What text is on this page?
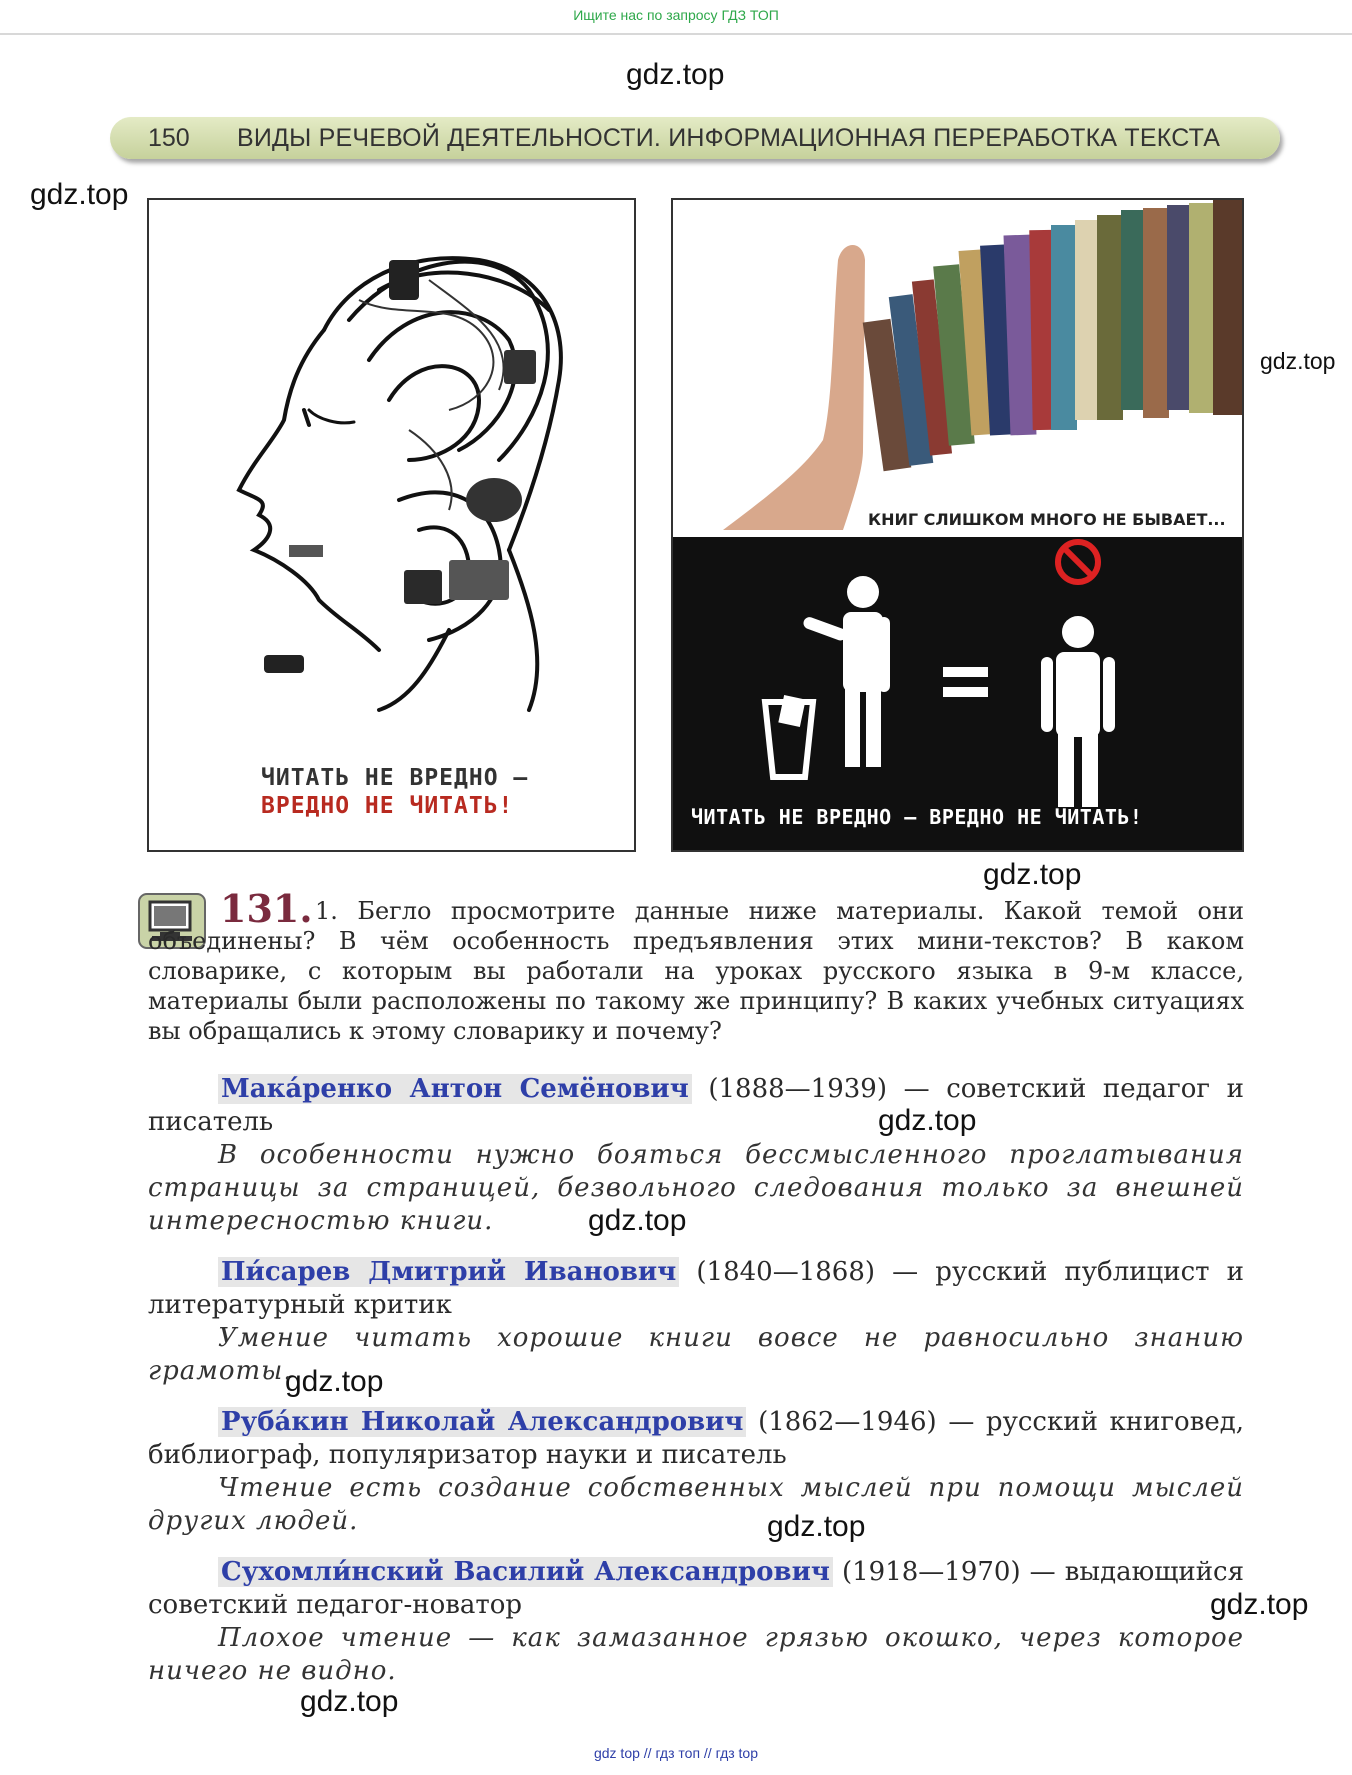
Ищите нас по запросу ГДЗ ТОП
gdz.top
gdz.top
gdz.top
gdz.top
gdz.top
gdz.top
gdz.top
gdz.top
gdz.top
gdz.top
150 ВИДЫ РЕЧЕВОЙ ДЕЯТЕЛЬНОСТИ. ИНФОРМАЦИОННАЯ ПЕРЕРАБОТКА ТЕКСТА
ЧИТАТЬ НЕ ВРЕДНО —
ВРЕДНО НЕ ЧИТАТЬ!
КНИГ СЛИШКОМ МНОГО НЕ БЫВАЕТ...
=
ЧИТАТЬ НЕ ВРЕДНО — ВРЕДНО НЕ ЧИТАТЬ!
131. 1. Бегло просмотрите данные ниже материалы. Какой темой они объединены? В чём особенность предъявления этих мини-текстов? В каком словарике, с которым вы работали на уроках русского языка в 9-м классе, материалы были расположены по такому же принципу? В каких учебных ситуациях вы обращались к этому словарику и почему?
Мака́ренко Антон Семёнович (1888—1939) — советский педагог и писатель
В особенности нужно бояться бессмысленного проглатывания страницы за страницей, безвольного следования только за внешней интересностью книги.
Пи́сарев Дмитрий Иванович (1840—1868) — русский публицист и литературный критик
Умение читать хорошие книги вовсе не равносильно знанию грамоты.
Руба́кин Николай Александрович (1862—1946) — русский книговед, библиограф, популяризатор науки и писатель
Чтение есть создание собственных мыслей при помощи мыслей других людей.
Сухомли́нский Василий Александрович (1918—1970) — выдающийся советский педагог-новатор
Плохое чтение — как замазанное грязью окошко, через которое ничего не видно.
gdz top // гдз топ // гдз top
